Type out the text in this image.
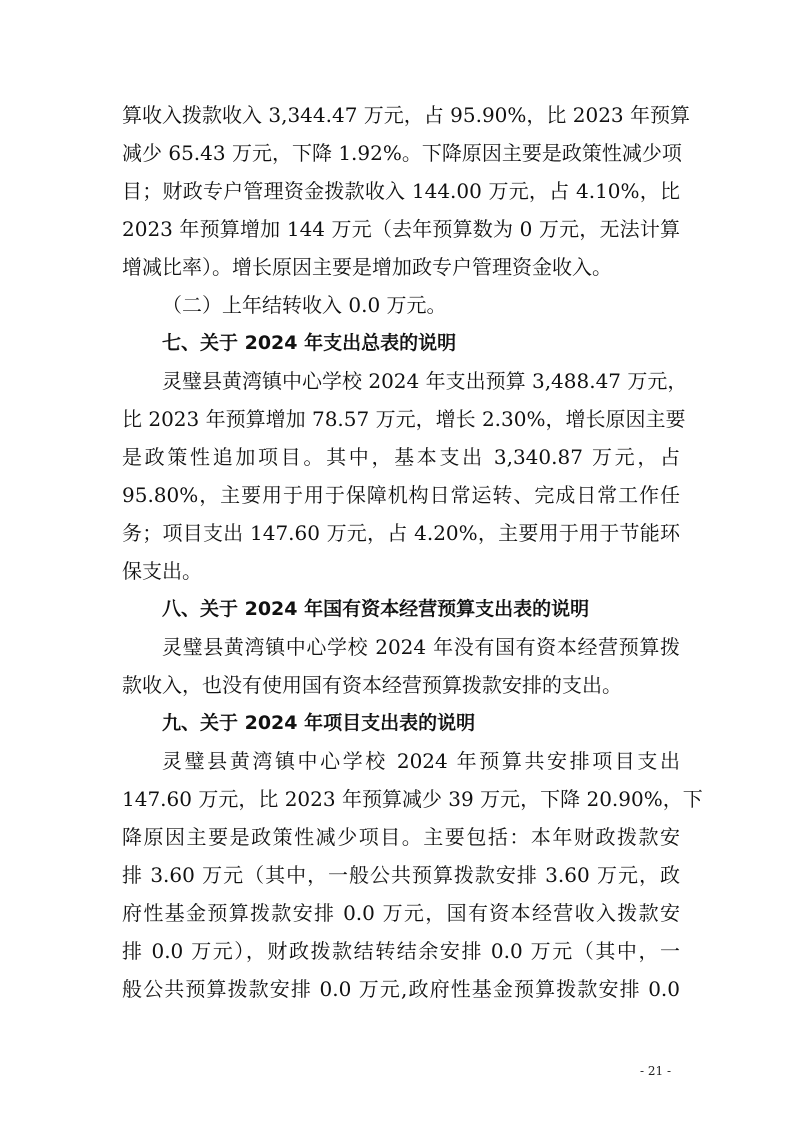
算收入拨款收入 3,344.47 万元，占 95.90%，比 2023 年预算

减少 65.43 万元，下降 1.92%。下降原因主要是政策性减少项

目；财政专户管理资金拨款收入 144.00 万元，占 4.10%，比

2023 年预算增加 144 万元（去年预算数为 0 万元，无法计算

增减比率）。增长原因主要是增加政专户管理资金收入。

（二）上年结转收入 0.0 万元。

七、关于 2024 年支出总表的说明

灵璧县黄湾镇中心学校 2024 年支出预算 3,488.47 万元，

比 2023 年预算增加 78.57 万元，增长 2.30%，增长原因主要

是政策性追加项目。其中，基本支出 3,340.87 万元，占

95.80%，主要用于用于保障机构日常运转、完成日常工作任

务；项目支出 147.60 万元，占 4.20%，主要用于用于节能环

保支出。

八、关于 2024 年国有资本经营预算支出表的说明

灵璧县黄湾镇中心学校 2024 年没有国有资本经营预算拨

款收入，也没有使用国有资本经营预算拨款安排的支出。

九、关于 2024 年项目支出表的说明

灵璧县黄湾镇中心学校 2024 年预算共安排项目支出

147.60 万元，比 2023 年预算减少 39 万元，下降 20.90%，下

降原因主要是政策性减少项目。主要包括：本年财政拨款安

排 3.60 万元（其中，一般公共预算拨款安排 3.60 万元，政

府性基金预算拨款安排 0.0 万元，国有资本经营收入拨款安

排 0.0 万元），财政拨款结转结余安排 0.0 万元（其中，一

般公共预算拨款安排 0.0 万元,政府性基金预算拨款安排 0.0

- 21 -
